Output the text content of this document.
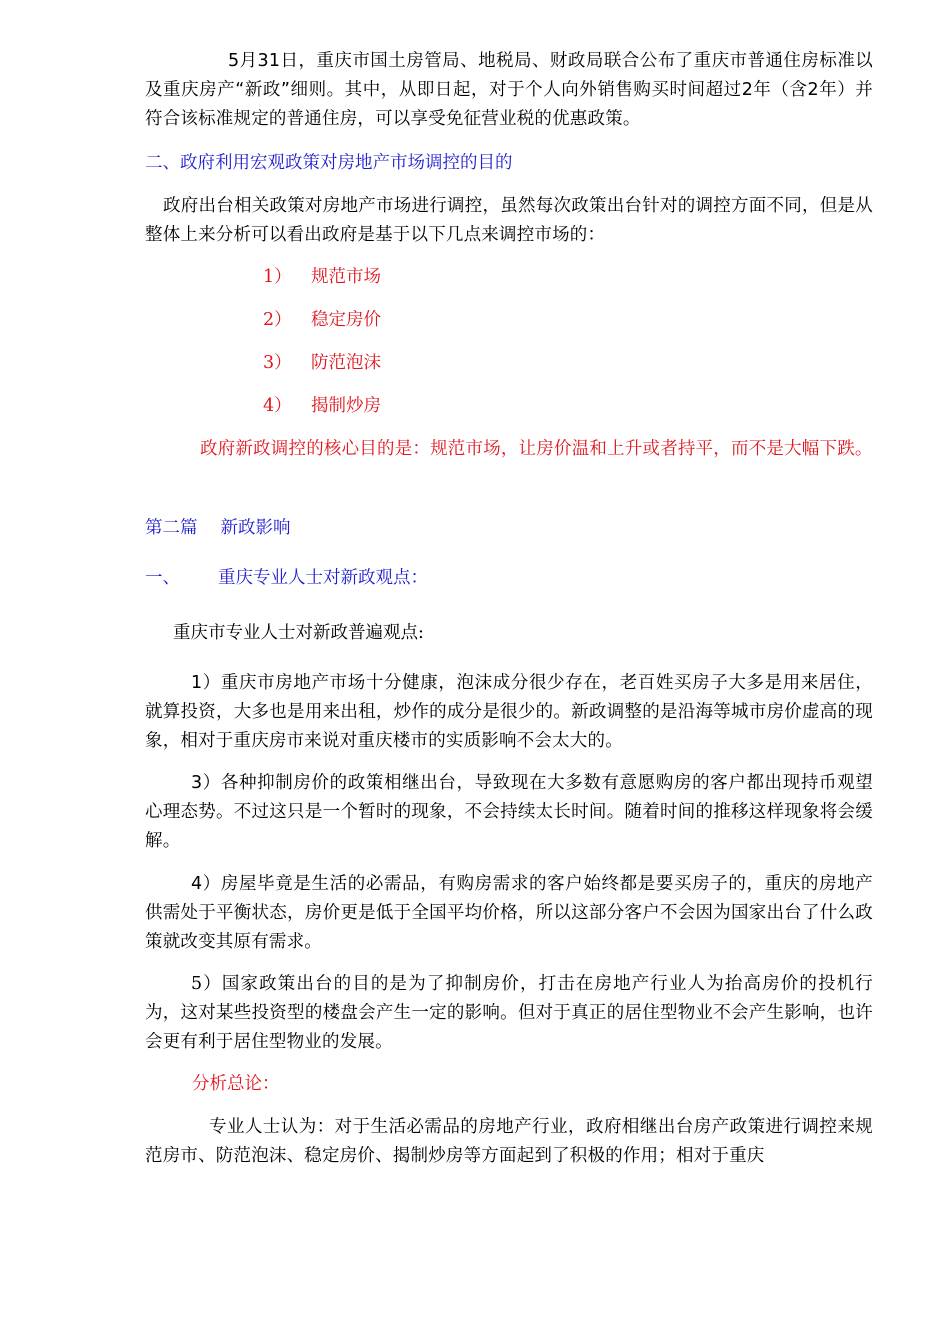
5月31日，重庆市国土房管局、地税局、财政局联合公布了重庆市普通住房标准以及重庆房产“新政”细则。其中，从即日起，对于个人向外销售购买时间超过2年（含2年）并符合该标准规定的普通住房，可以享受免征营业税的优惠政策。

二、政府利用宏观政策对房地产市场调控的目的

政府出台相关政策对房地产市场进行调控，虽然每次政策出台针对的调控方面不同，但是从整体上来分析可以看出政府是基于以下几点来调控市场的：

1） 规范市场
2） 稳定房价
3） 防范泡沫
4） 揭制炒房

政府新政调控的核心目的是：规范市场，让房价温和上升或者持平，而不是大幅下跌。

第二篇　 新政影响

一、 重庆专业人士对新政观点：

重庆市专业人士对新政普遍观点:

1）重庆市房地产市场十分健康，泡沫成分很少存在，老百姓买房子大多是用来居住，就算投资，大多也是用来出租，炒作的成分是很少的。新政调整的是沿海等城市房价虚高的现象，相对于重庆房市来说对重庆楼市的实质影响不会太大的。

3）各种抑制房价的政策相继出台，导致现在大多数有意愿购房的客户都出现持币观望心理态势。不过这只是一个暂时的现象，不会持续太长时间。随着时间的推移这样现象将会缓解。

4）房屋毕竟是生活的必需品，有购房需求的客户始终都是要买房子的，重庆的房地产供需处于平衡状态，房价更是低于全国平均价格，所以这部分客户不会因为国家出台了什么政策就改变其原有需求。

5）国家政策出台的目的是为了抑制房价，打击在房地产行业人为抬高房价的投机行为，这对某些投资型的楼盘会产生一定的影响。但对于真正的居住型物业不会产生影响，也许会更有利于居住型物业的发展。

分析总论：

专业人士认为：对于生活必需品的房地产行业，政府相继出台房产政策进行调控来规范房市、防范泡沫、稳定房价、揭制炒房等方面起到了积极的作用；相对于重庆
